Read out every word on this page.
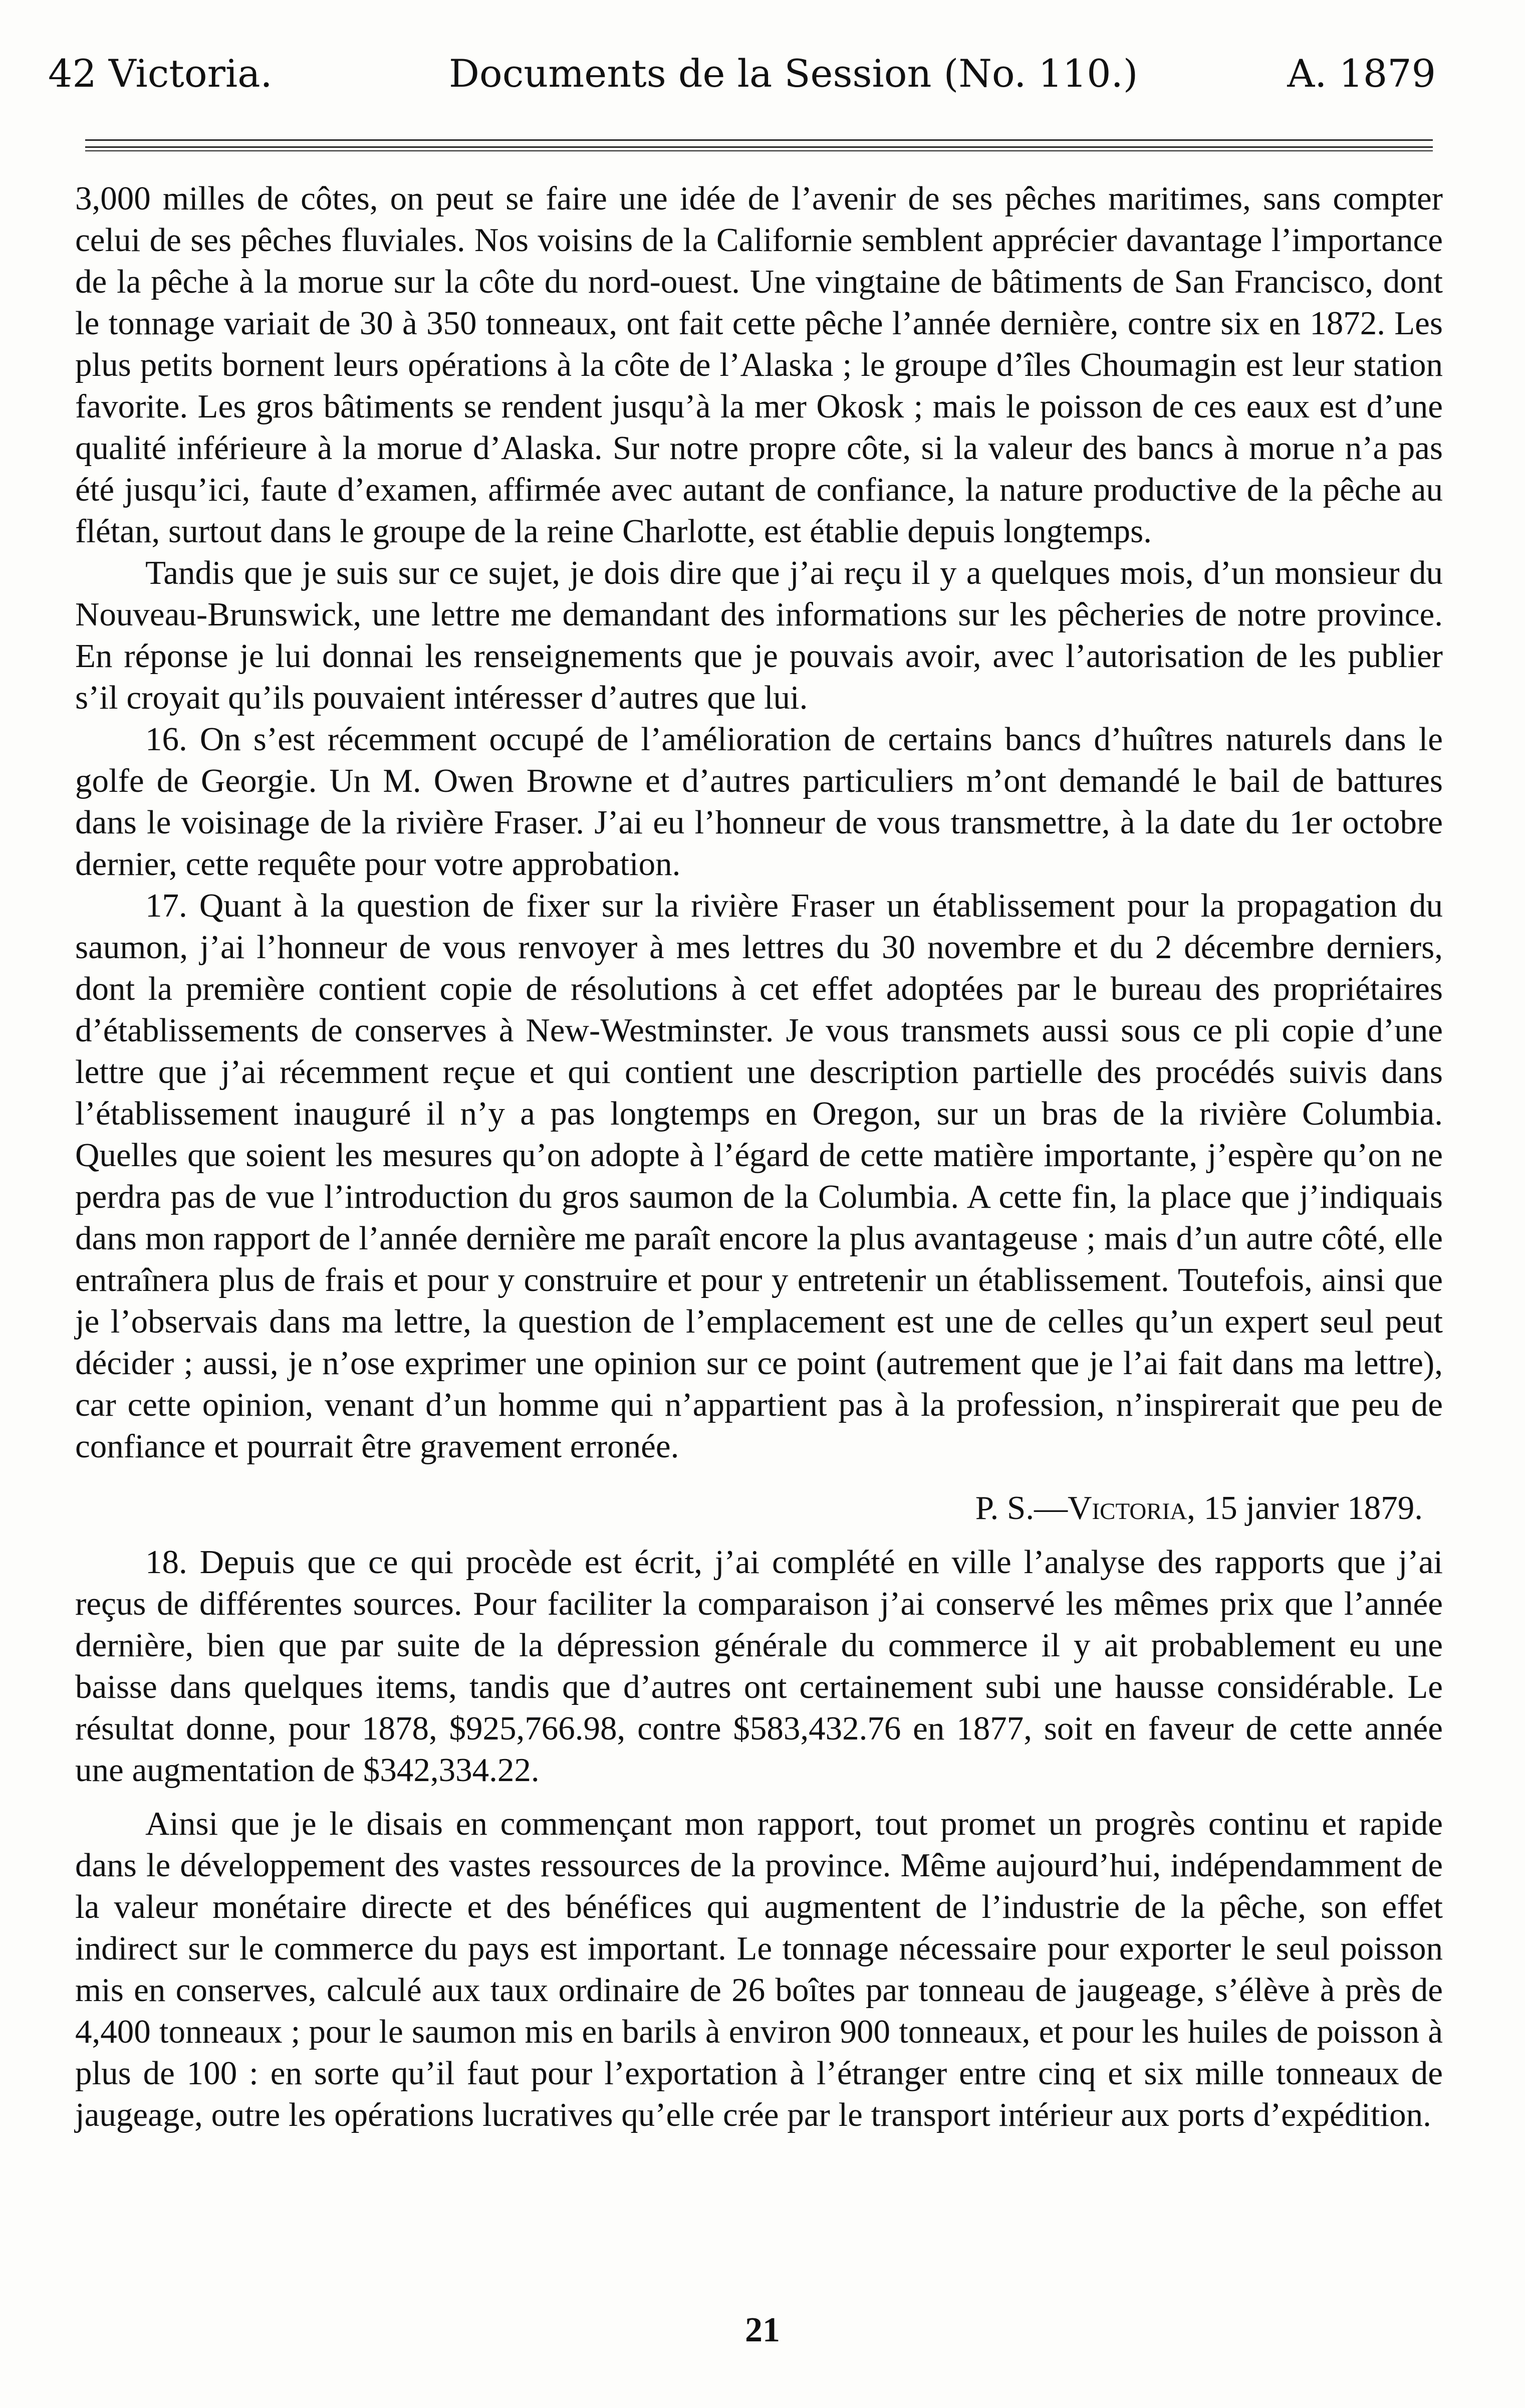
42 Victoria.	Documents de la Session (No. 110.)	A. 1879

3,000 milles de côtes, on peut se faire une idée de l’avenir de ses pêches maritimes, sans compter celui de ses pêches fluviales. Nos voisins de la Californie semblent apprécier davantage l’importance de la pêche à la morue sur la côte du nord-ouest. Une vingtaine de bâtiments de San Francisco, dont le tonnage variait de 30 à 350 tonneaux, ont fait cette pêche l’année dernière, contre six en 1872. Les plus petits bornent leurs opérations à la côte de l’Alaska ; le groupe d’îles Choumagin est leur station favorite. Les gros bâtiments se rendent jusqu’à la mer Okosk ; mais le poisson de ces eaux est d’une qualité inférieure à la morue d’Alaska. Sur notre propre côte, si la valeur des bancs à morue n’a pas été jusqu’ici, faute d’examen, affirmée avec autant de confiance, la nature productive de la pêche au flétan, surtout dans le groupe de la reine Charlotte, est établie depuis longtemps.

Tandis que je suis sur ce sujet, je dois dire que j’ai reçu il y a quelques mois, d’un monsieur du Nouveau-Brunswick, une lettre me demandant des informations sur les pêcheries de notre province. En réponse je lui donnai les renseignements que je pouvais avoir, avec l’autorisation de les publier s’il croyait qu’ils pouvaient intéresser d’autres que lui.

16. On s’est récemment occupé de l’amélioration de certains bancs d’huîtres naturels dans le golfe de Georgie. Un M. Owen Browne et d’autres particuliers m’ont demandé le bail de battures dans le voisinage de la rivière Fraser. J’ai eu l’honneur de vous transmettre, à la date du 1er octobre dernier, cette requête pour votre approbation.

17. Quant à la question de fixer sur la rivière Fraser un établissement pour la propagation du saumon, j’ai l’honneur de vous renvoyer à mes lettres du 30 novembre et du 2 décembre derniers, dont la première contient copie de résolutions à cet effet adoptées par le bureau des propriétaires d’établissements de conserves à New-Westminster. Je vous transmets aussi sous ce pli copie d’une lettre que j’ai récemment reçue et qui contient une description partielle des procédés suivis dans l’établissement inauguré il n’y a pas longtemps en Oregon, sur un bras de la rivière Columbia. Quelles que soient les mesures qu’on adopte à l’égard de cette matière importante, j’espère qu’on ne perdra pas de vue l’introduction du gros saumon de la Columbia. A cette fin, la place que j’indiquais dans mon rapport de l’année dernière me paraît encore la plus avantageuse ; mais d’un autre côté, elle entraînera plus de frais et pour y construire et pour y entretenir un établissement. Toutefois, ainsi que je l’observais dans ma lettre, la question de l’emplacement est une de celles qu’un expert seul peut décider ; aussi, je n’ose exprimer une opinion sur ce point (autrement que je l’ai fait dans ma lettre), car cette opinion, venant d’un homme qui n’appartient pas à la profession, n’inspirerait que peu de confiance et pourrait être gravement erronée.

P. S.—Victoria, 15 janvier 1879.

18. Depuis que ce qui procède est écrit, j’ai complété en ville l’analyse des rapports que j’ai reçus de différentes sources. Pour faciliter la comparaison j’ai conservé les mêmes prix que l’année dernière, bien que par suite de la dépression générale du commerce il y ait probablement eu une baisse dans quelques items, tandis que d’autres ont certainement subi une hausse considérable. Le résultat donne, pour 1878, $925,766.98, contre $583,432.76 en 1877, soit en faveur de cette année une augmentation de $342,334.22.

Ainsi que je le disais en commençant mon rapport, tout promet un progrès continu et rapide dans le développement des vastes ressources de la province. Même aujourd’hui, indépendamment de la valeur monétaire directe et des bénéfices qui augmentent de l’industrie de la pêche, son effet indirect sur le commerce du pays est important. Le tonnage nécessaire pour exporter le seul poisson mis en conserves, calculé aux taux ordinaire de 26 boîtes par tonneau de jaugeage, s’élève à près de 4,400 tonneaux ; pour le saumon mis en barils à environ 900 tonneaux, et pour les huiles de poisson à plus de 100 : en sorte qu’il faut pour l’exportation à l’étranger entre cinq et six mille tonneaux de jaugeage, outre les opérations lucratives qu’elle crée par le transport intérieur aux ports d’expédition.

21
